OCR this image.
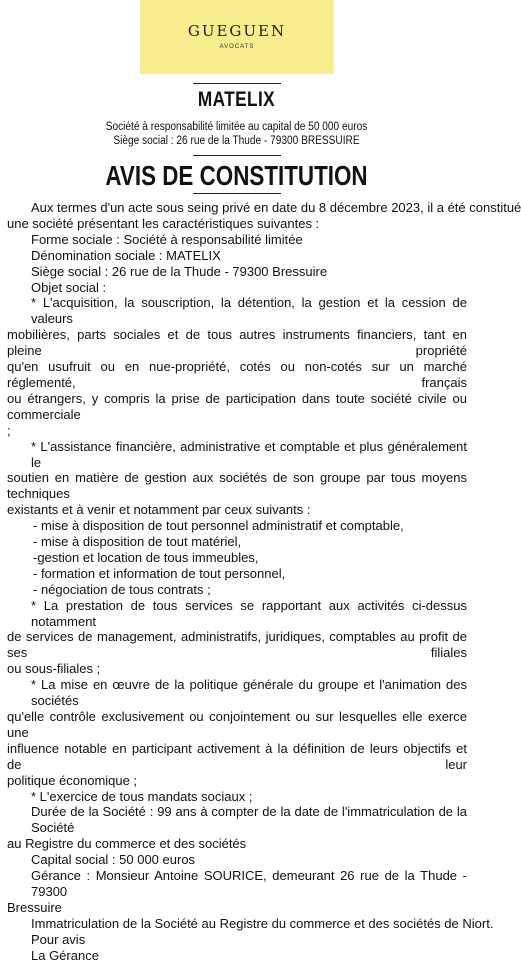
GUEGUEN
AVOCATS
MATELIX
Société à responsabilité limitée au capital de 50 000 euros
Siège social : 26 rue de la Thude - 79300 BRESSUIRE
AVIS DE CONSTITUTION
Aux termes d'un acte sous seing privé en date du 8 décembre 2023, il a été constitué
une société présentant les caractéristiques suivantes :
Forme sociale : Société à responsabilité limitée
Dénomination sociale : MATELIX
Siège social : 26 rue de la Thude - 79300 Bressuire
Objet social :
* L'acquisition, la souscription, la détention, la gestion et la cession de valeurs
mobilières, parts sociales et de tous autres instruments financiers, tant en pleine propriété
qu'en usufruit ou en nue-propriété, cotés ou non-cotés sur un marché réglementé, français
ou étrangers, y compris la prise de participation dans toute société civile ou commerciale
;
* L'assistance financière, administrative et comptable et plus généralement le
soutien en matière de gestion aux sociétés de son groupe par tous moyens techniques
existants et à venir et notamment par ceux suivants :
- mise à disposition de tout personnel administratif et comptable,
- mise à disposition de tout matériel,
-gestion et location de tous immeubles,
- formation et information de tout personnel,
- négociation de tous contrats ;
* La prestation de tous services se rapportant aux activités ci-dessus notamment
de services de management, administratifs, juridiques, comptables au profit de ses filiales
ou sous-filiales ;
* La mise en œuvre de la politique générale du groupe et l'animation des sociétés
qu'elle contrôle exclusivement ou conjointement ou sur lesquelles elle exerce une
influence notable en participant activement à la définition de leurs objectifs et de leur
politique économique ;
* L'exercice de tous mandats sociaux ;
Durée de la Société : 99 ans à compter de la date de l'immatriculation de la Société
au Registre du commerce et des sociétés
Capital social : 50 000 euros
Gérance : Monsieur Antoine SOURICE, demeurant 26 rue de la Thude - 79300
Bressuire
Immatriculation de la Société au Registre du commerce et des sociétés de Niort.
Pour avis
La Gérance
